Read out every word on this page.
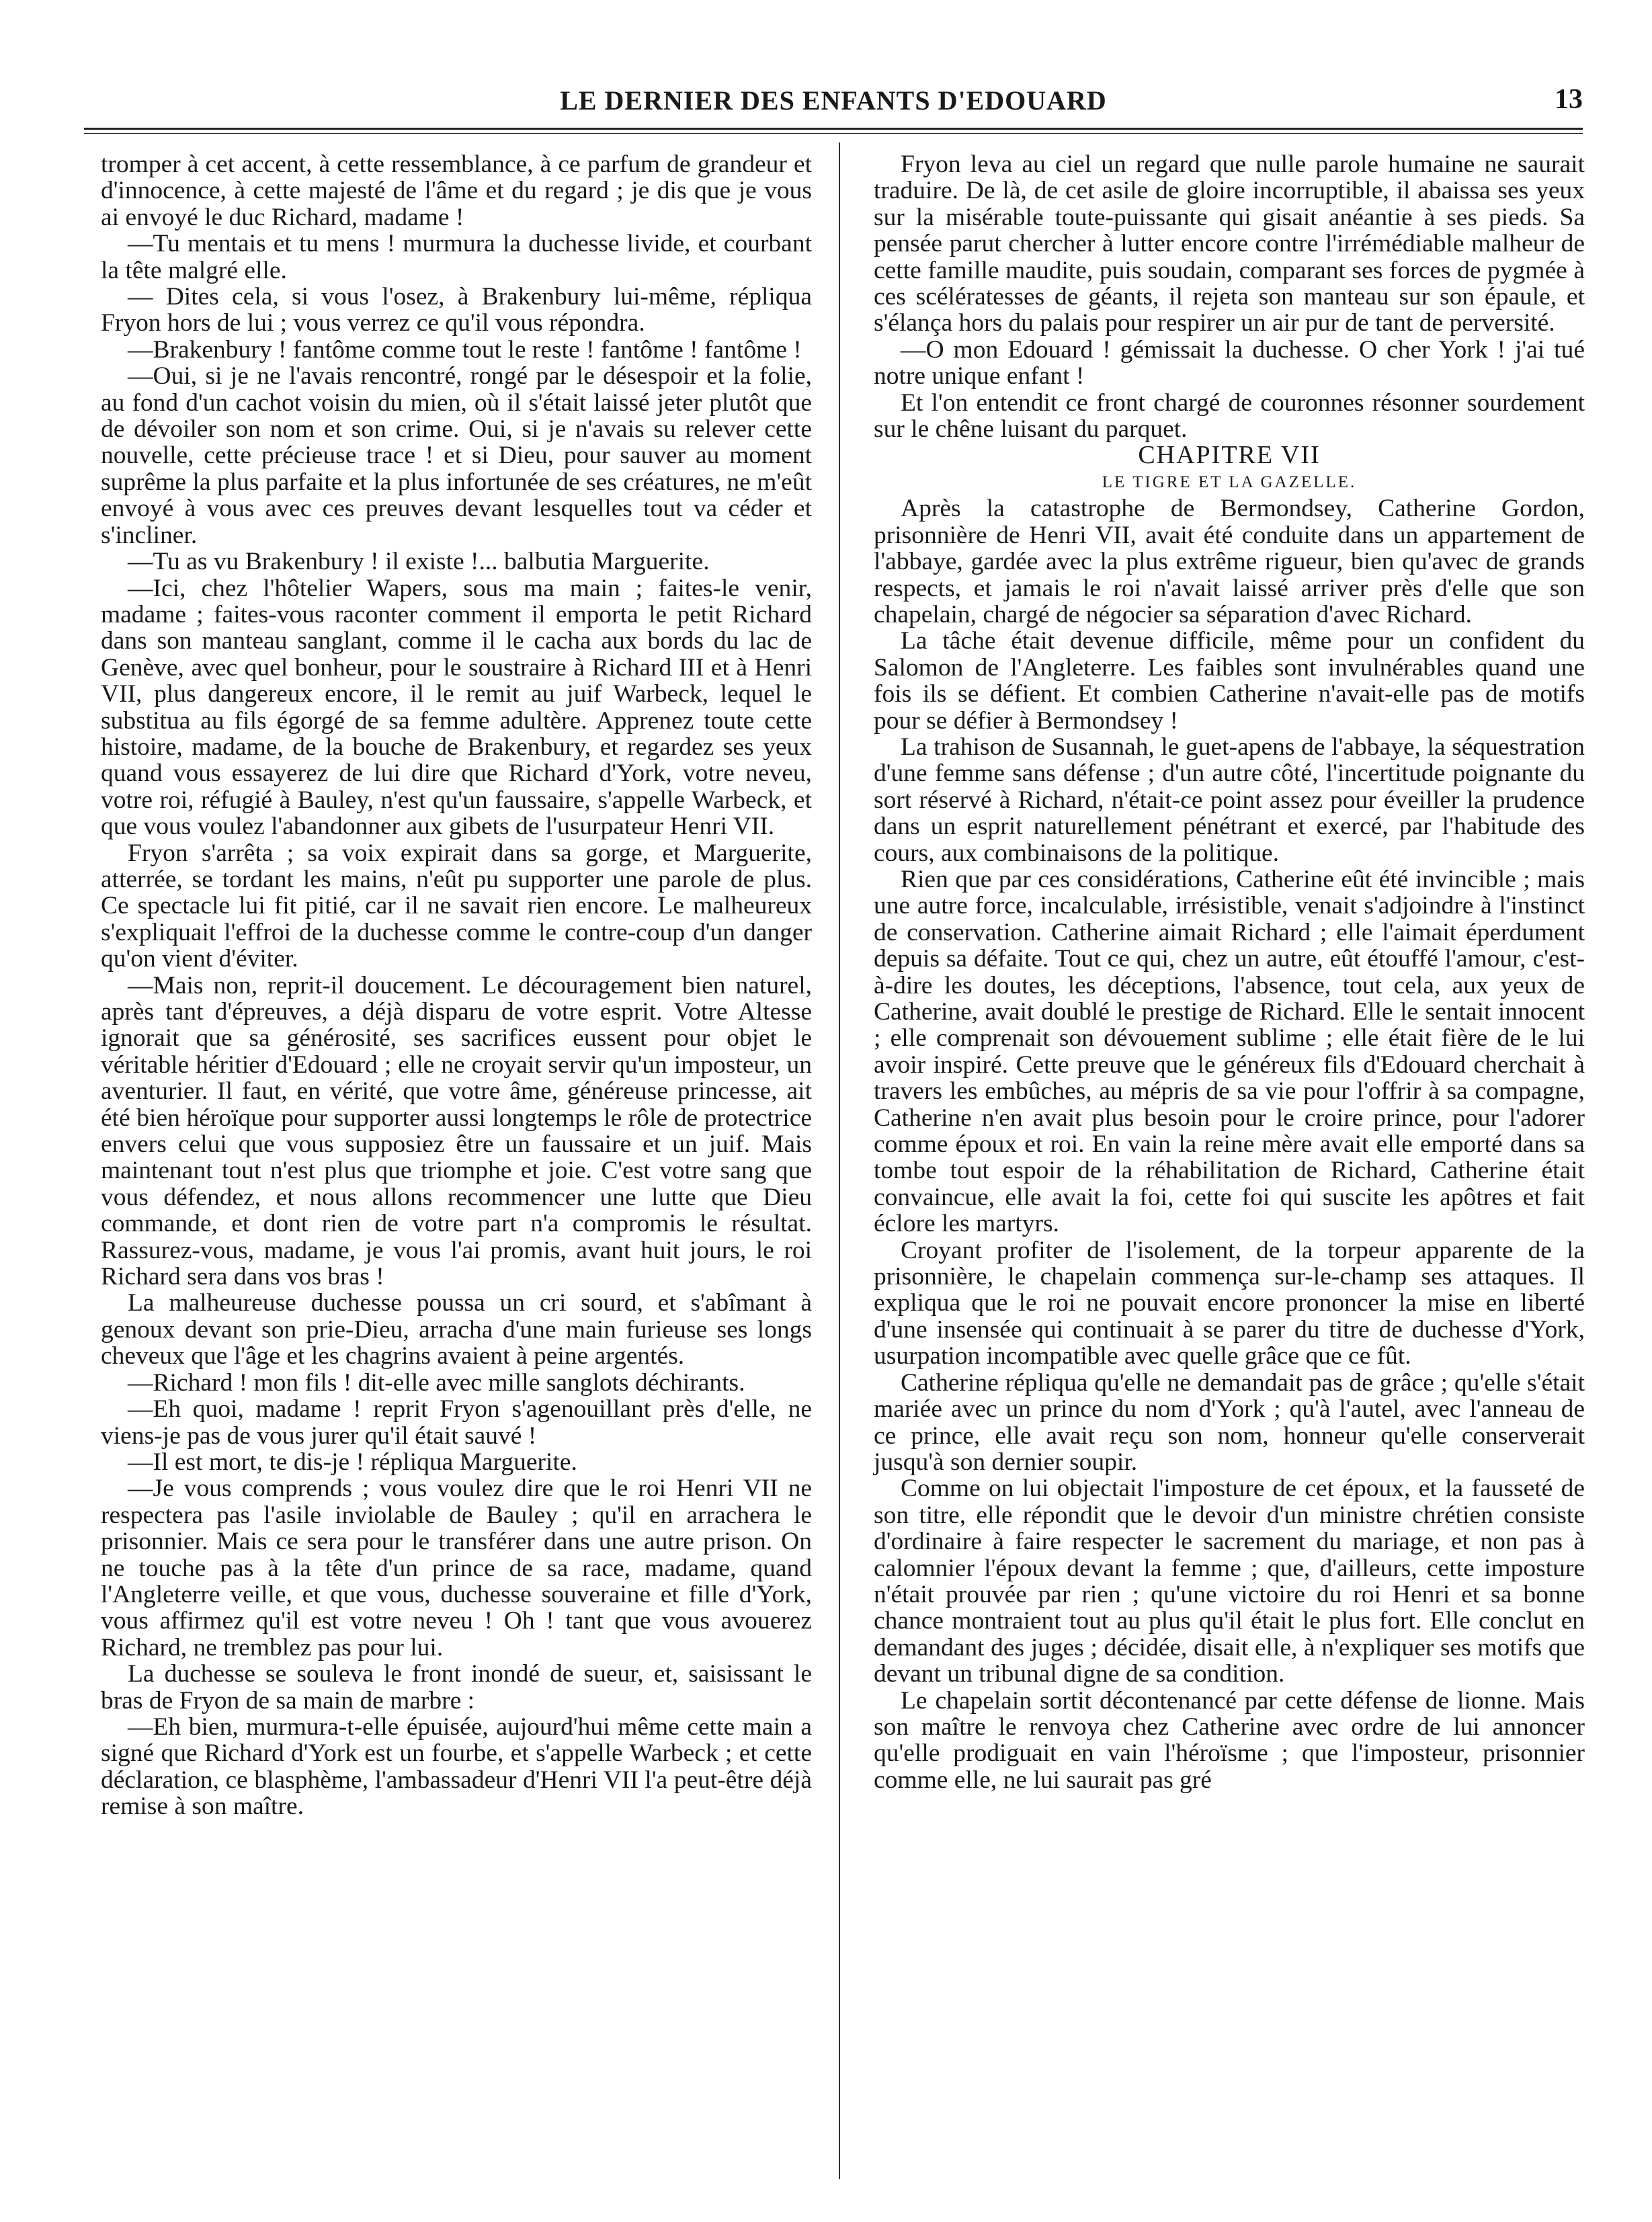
LE DERNIER DES ENFANTS D'EDOUARD	13

tromper à cet accent, à cette ressemblance, à ce parfum de grandeur et d'innocence, à cette majesté de l'âme et du regard ; je dis que je vous ai envoyé le duc Richard, madame !

—Tu mentais et tu mens ! murmura la duchesse livide, et courbant la tête malgré elle.

— Dites cela, si vous l'osez, à Brakenbury lui-même, répliqua Fryon hors de lui ; vous verrez ce qu'il vous répondra.

—Brakenbury ! fantôme comme tout le reste ! fantôme ! fantôme !

—Oui, si je ne l'avais rencontré, rongé par le désespoir et la folie, au fond d'un cachot voisin du mien, où il s'était laissé jeter plutôt que de dévoiler son nom et son crime. Oui, si je n'avais su relever cette nouvelle, cette précieuse trace ! et si Dieu, pour sauver au moment suprême la plus parfaite et la plus infortunée de ses créatures, ne m'eût envoyé à vous avec ces preuves devant lesquelles tout va céder et s'incliner.

—Tu as vu Brakenbury ! il existe !... balbutia Marguerite.

—Ici, chez l'hôtelier Wapers, sous ma main ; faites-le venir, madame ; faites-vous raconter comment il emporta le petit Richard dans son manteau sanglant, comme il le cacha aux bords du lac de Genève, avec quel bonheur, pour le soustraire à Richard III et à Henri VII, plus dangereux encore, il le remit au juif Warbeck, lequel le substitua au fils égorgé de sa femme adultère. Apprenez toute cette histoire, madame, de la bouche de Brakenbury, et regardez ses yeux quand vous essayerez de lui dire que Richard d'York, votre neveu, votre roi, réfugié à Bauley, n'est qu'un faussaire, s'appelle Warbeck, et que vous voulez l'abandonner aux gibets de l'usurpateur Henri VII.

Fryon s'arrêta ; sa voix expirait dans sa gorge, et Marguerite, atterrée, se tordant les mains, n'eût pu supporter une parole de plus. Ce spectacle lui fit pitié, car il ne savait rien encore. Le malheureux s'expliquait l'effroi de la duchesse comme le contre-coup d'un danger qu'on vient d'éviter.

—Mais non, reprit-il doucement. Le découragement bien naturel, après tant d'épreuves, a déjà disparu de votre esprit. Votre Altesse ignorait que sa générosité, ses sacrifices eussent pour objet le véritable héritier d'Edouard ; elle ne croyait servir qu'un imposteur, un aventurier. Il faut, en vérité, que votre âme, généreuse princesse, ait été bien héroïque pour supporter aussi longtemps le rôle de protectrice envers celui que vous supposiez être un faussaire et un juif. Mais maintenant tout n'est plus que triomphe et joie. C'est votre sang que vous défendez, et nous allons recommencer une lutte que Dieu commande, et dont rien de votre part n'a compromis le résultat. Rassurez-vous, madame, je vous l'ai promis, avant huit jours, le roi Richard sera dans vos bras !

La malheureuse duchesse poussa un cri sourd, et s'abîmant à genoux devant son prie-Dieu, arracha d'une main furieuse ses longs cheveux que l'âge et les chagrins avaient à peine argentés.

—Richard ! mon fils ! dit-elle avec mille sanglots déchirants.

—Eh quoi, madame ! reprit Fryon s'agenouillant près d'elle, ne viens-je pas de vous jurer qu'il était sauvé !

—Il est mort, te dis-je ! répliqua Marguerite.

—Je vous comprends ; vous voulez dire que le roi Henri VII ne respectera pas l'asile inviolable de Bauley ; qu'il en arrachera le prisonnier. Mais ce sera pour le transférer dans une autre prison. On ne touche pas à la tête d'un prince de sa race, madame, quand l'Angleterre veille, et que vous, duchesse souveraine et fille d'York, vous affirmez qu'il est votre neveu ! Oh ! tant que vous avouerez Richard, ne tremblez pas pour lui.

La duchesse se souleva le front inondé de sueur, et, saisissant le bras de Fryon de sa main de marbre :

—Eh bien, murmura-t-elle épuisée, aujourd'hui même cette main a signé que Richard d'York est un fourbe, et s'appelle Warbeck ; et cette déclaration, ce blasphème, l'ambassadeur d'Henri VII l'a peut-être déjà remise à son maître.

Fryon leva au ciel un regard que nulle parole humaine ne saurait traduire. De là, de cet asile de gloire incorruptible, il abaissa ses yeux sur la misérable toute-puissante qui gisait anéantie à ses pieds. Sa pensée parut chercher à lutter encore contre l'irrémédiable malheur de cette famille maudite, puis soudain, comparant ses forces de pygmée à ces scélératesses de géants, il rejeta son manteau sur son épaule, et s'élança hors du palais pour respirer un air pur de tant de perversité.

—O mon Edouard ! gémissait la duchesse. O cher York ! j'ai tué notre unique enfant !

Et l'on entendit ce front chargé de couronnes résonner sourdement sur le chêne luisant du parquet.

CHAPITRE VII

LE TIGRE ET LA GAZELLE.

Après la catastrophe de Bermondsey, Catherine Gordon, prisonnière de Henri VII, avait été conduite dans un appartement de l'abbaye, gardée avec la plus extrême rigueur, bien qu'avec de grands respects, et jamais le roi n'avait laissé arriver près d'elle que son chapelain, chargé de négocier sa séparation d'avec Richard.

La tâche était devenue difficile, même pour un confident du Salomon de l'Angleterre. Les faibles sont invulnérables quand une fois ils se défient. Et combien Catherine n'avait-elle pas de motifs pour se défier à Bermondsey !

La trahison de Susannah, le guet-apens de l'abbaye, la séquestration d'une femme sans défense ; d'un autre côté, l'incertitude poignante du sort réservé à Richard, n'était-ce point assez pour éveiller la prudence dans un esprit naturellement pénétrant et exercé, par l'habitude des cours, aux combinaisons de la politique.

Rien que par ces considérations, Catherine eût été invincible ; mais une autre force, incalculable, irrésistible, venait s'adjoindre à l'instinct de conservation. Catherine aimait Richard ; elle l'aimait éperdument depuis sa défaite. Tout ce qui, chez un autre, eût étouffé l'amour, c'est-à-dire les doutes, les déceptions, l'absence, tout cela, aux yeux de Catherine, avait doublé le prestige de Richard. Elle le sentait innocent ; elle comprenait son dévouement sublime ; elle était fière de le lui avoir inspiré. Cette preuve que le généreux fils d'Edouard cherchait à travers les embûches, au mépris de sa vie pour l'offrir à sa compagne, Catherine n'en avait plus besoin pour le croire prince, pour l'adorer comme époux et roi. En vain la reine mère avait elle emporté dans sa tombe tout espoir de la réhabilitation de Richard, Catherine était convaincue, elle avait la foi, cette foi qui suscite les apôtres et fait éclore les martyrs.

Croyant profiter de l'isolement, de la torpeur apparente de la prisonnière, le chapelain commença sur-le-champ ses attaques. Il expliqua que le roi ne pouvait encore prononcer la mise en liberté d'une insensée qui continuait à se parer du titre de duchesse d'York, usurpation incompatible avec quelle grâce que ce fût.

Catherine répliqua qu'elle ne demandait pas de grâce ; qu'elle s'était mariée avec un prince du nom d'York ; qu'à l'autel, avec l'anneau de ce prince, elle avait reçu son nom, honneur qu'elle conserverait jusqu'à son dernier soupir.

Comme on lui objectait l'imposture de cet époux, et la fausseté de son titre, elle répondit que le devoir d'un ministre chrétien consiste d'ordinaire à faire respecter le sacrement du mariage, et non pas à calomnier l'époux devant la femme ; que, d'ailleurs, cette imposture n'était prouvée par rien ; qu'une victoire du roi Henri et sa bonne chance montraient tout au plus qu'il était le plus fort. Elle conclut en demandant des juges ; décidée, disait elle, à n'expliquer ses motifs que devant un tribunal digne de sa condition.

Le chapelain sortit décontenancé par cette défense de lionne. Mais son maître le renvoya chez Catherine avec ordre de lui annoncer qu'elle prodiguait en vain l'héroïsme ; que l'imposteur, prisonnier comme elle, ne lui saurait pas gré
